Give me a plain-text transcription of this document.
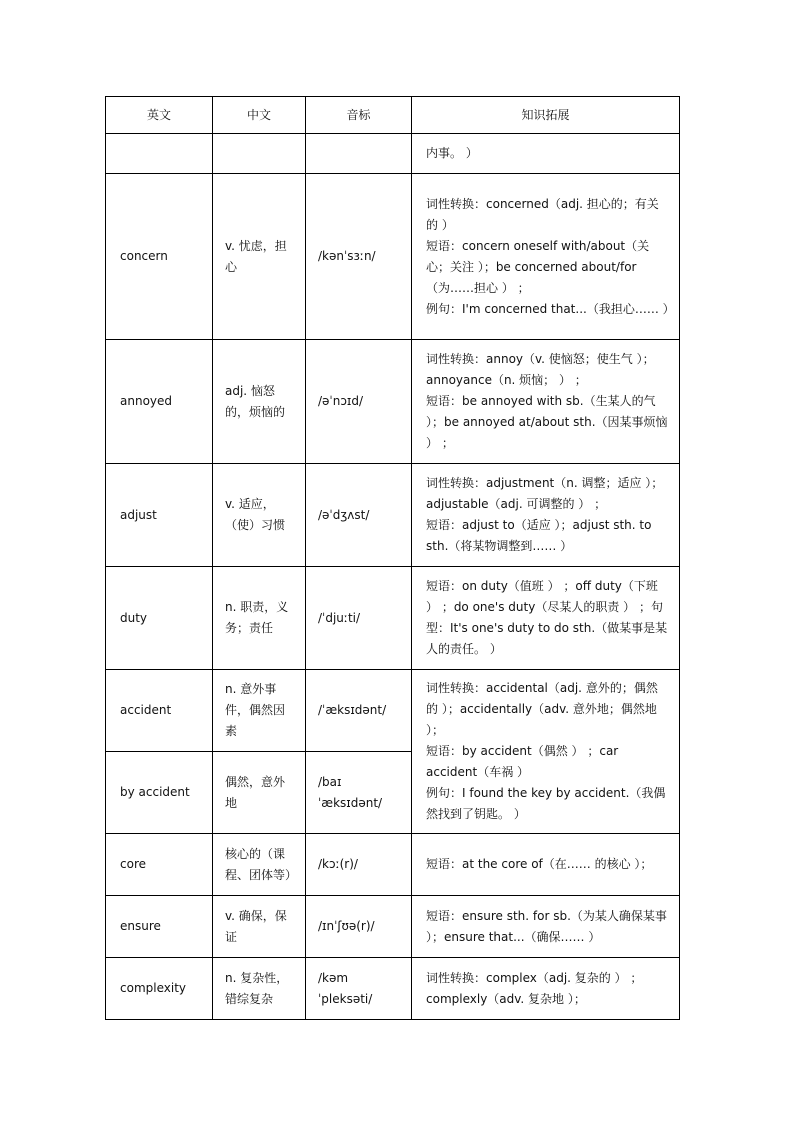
英文	中文	音标	知识拓展

			内事。 ）

concern	v. 忧虑，担心	/kənˈsɜːn/	词性转换：concerned（adj. 担心的；有关的 ）
短语：concern oneself with/about（关心；关注 ）；be concerned about/for（为……担心 ） ；
例句：I'm concerned that...（我担心…… ）

annoyed	adj. 恼怒的，烦恼的	/əˈnɔɪd/	词性转换：annoy（v. 使恼怒；使生气 ）；annoyance（n. 烦恼； ） ；
短语：be annoyed with sb.（生某人的气 ）；be annoyed at/about sth.（因某事烦恼 ） ；

adjust	v. 适应，（使）习惯	/əˈdʒʌst/	词性转换：adjustment（n. 调整；适应 ）；adjustable（adj. 可调整的 ） ；
短语：adjust to（适应 ）；adjust sth. to sth.（将某物调整到…… ）

duty	n. 职责，义务；责任	/ˈdjuːti/	短语：on duty（值班 ） ；off duty（下班 ） ；do one's duty（尽某人的职责 ） ；句型：It's one's duty to do sth.（做某事是某人的责任。 ）

accident	n. 意外事件，偶然因素	/ˈæksɪdənt/	词性转换：accidental（adj. 意外的；偶然的 ）；accidentally（adv. 意外地；偶然地 ）；
短语：by accident（偶然 ） ；car accident（车祸 ）
例句：I found the key by accident.（我偶然找到了钥匙。 ）

by accident	偶然，意外地	/baɪ ˈæksɪdənt/	
core	核心的（课程、团体等）	/kɔː(r)/	短语：at the core of（在…… 的核心 ）；

ensure	v. 确保，保证	/ɪnˈʃʊə(r)/	短语：ensure sth. for sb.（为某人确保某事 ）；ensure that...（确保…… ）

complexity	n. 复杂性，错综复杂	/kəmˈpleksəti/	词性转换：complex（adj. 复杂的 ） ；complexly（adv. 复杂地 ）；
